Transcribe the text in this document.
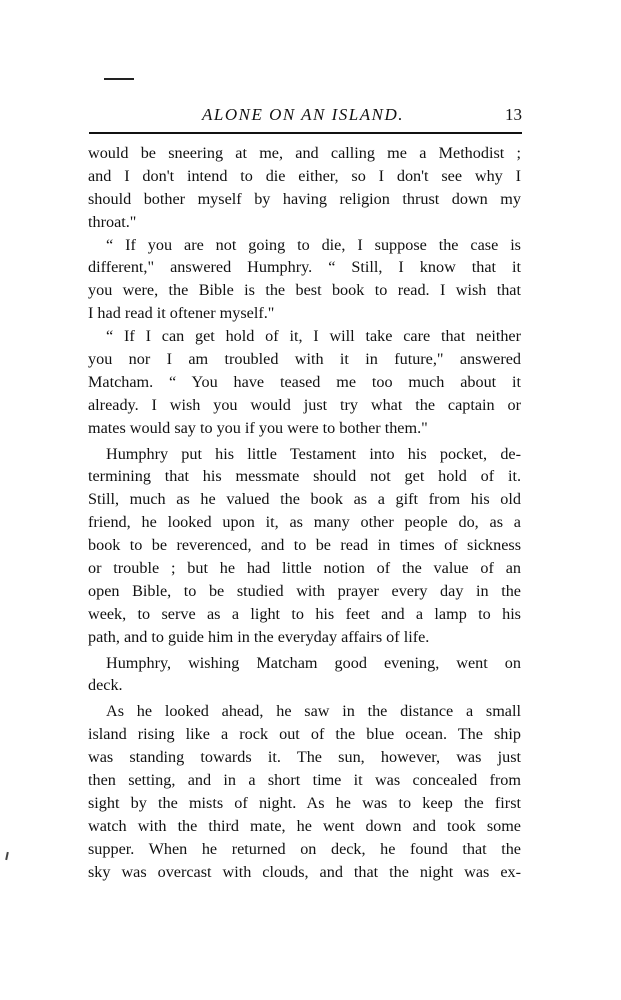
ALONE ON AN ISLAND.	13
would be sneering at me, and calling me a Methodist ;
and I don't intend to die either, so I don't see why I
should bother myself by having religion thrust down my
throat."
“ If you are not going to die, I suppose the case is
different," answered Humphry. “ Still, I know that it
you were, the Bible is the best book to read. I wish that
I had read it oftener myself."
“ If I can get hold of it, I will take care that neither
you nor I am troubled with it in future," answered
Matcham. “ You have teased me too much about it
already. I wish you would just try what the captain or
mates would say to you if you were to bother them."
Humphry put his little Testament into his pocket, de-
termining that his messmate should not get hold of it.
Still, much as he valued the book as a gift from his old
friend, he looked upon it, as many other people do, as a
book to be reverenced, and to be read in times of sickness
or trouble ; but he had little notion of the value of an
open Bible, to be studied with prayer every day in the
week, to serve as a light to his feet and a lamp to his
path, and to guide him in the everyday affairs of life.
Humphry, wishing Matcham good evening, went on
deck.
As he looked ahead, he saw in the distance a small
island rising like a rock out of the blue ocean. The ship
was standing towards it. The sun, however, was just
then setting, and in a short time it was concealed from
sight by the mists of night. As he was to keep the first
watch with the third mate, he went down and took some
supper. When he returned on deck, he found that the
sky was overcast with clouds, and that the night was ex-
